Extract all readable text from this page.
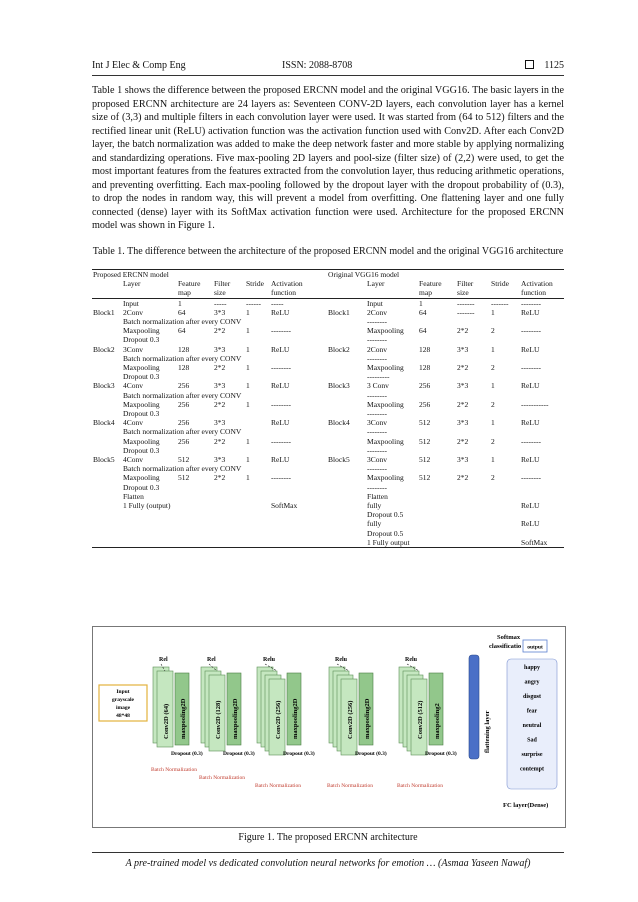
Int J Elec & Comp Eng	ISSN: 2088-8708	1125

Table 1 shows the difference between the proposed ERCNN model and the original VGG16. The basic layers in the proposed ERCNN architecture are 24 layers as: Seventeen CONV-2D layers, each convolution layer has a kernel size of (3,3) and multiple filters in each convolution layer were used. It was started from (64 to 512) filters and the rectified linear unit (ReLU) activation function was the activation function used with Conv2D. After each Conv2D layer, the batch normalization was added to make the deep network faster and more stable by applying normalizing and standardizing operations. Five max-pooling 2D layers and pool-size (filter size) of (2,2) were used, to get the most important features from the features extracted from the convolution layer, thus reducing arithmetic operations, and preventing overfitting. Each max-pooling followed by the dropout layer with the dropout probability of (0.3), to drop the nodes in random way, this will prevent a model from overfitting. One flattening layer and one fully connected (dense) layer with its SoftMax activation function were used. Architecture for the proposed ERCNN model was shown in Figure 1.

Table 1. The difference between the architecture of the proposed ERCNN model and the original VGG16 architecture

Proposed ERCNN model						Original VGG16 model					
	Layer	Feature	Filter	Stride	Activation		Layer	Feature	Filter	Stride	Activation
		map	size		function			map	size		function
	Input	1	-----	------	-----		Input	1	-------	-------	--------
Block1	2Conv	64	3*3	1	ReLU	Block1	2Conv	64	-------	1	ReLU
	Batch normalization after every CONV						--------				
	Maxpooling	64	2*2	1	--------		Maxpooling	64	2*2	2	--------
	Dropout 0.3						--------				
Block2	3Conv	128	3*3	1	ReLU	Block2	2Conv	128	3*3	1	ReLU
	Batch normalization after every CONV						--------				
	Maxpooling	128	2*2	1	--------		Maxpooling	128	2*2	2	--------
	Dropout 0.3						---------				
Block3	4Conv	256	3*3	1	ReLU	Block3	3 Conv	256	3*3	1	ReLU
	Batch normalization after every CONV						--------				
	Maxpooling	256	2*2	1	--------		Maxpooling	256	2*2	2	-----------
	Dropout 0.3						--------				
Block4	4Conv	256	3*3		ReLU	Block4	3Conv	512	3*3	1	ReLU
	Batch normalization after every CONV						--------				
	Maxpooling	256	2*2	1	--------		Maxpooling	512	2*2	2	--------
	Dropout 0.3						--------				
Block5	4Conv	512	3*3	1	ReLU	Block5	3Conv	512	3*3	1	ReLU
	Batch normalization after every CONV						--------				
	Maxpooling	512	2*2	1	--------		Maxpooling	512	2*2	2	--------
	Dropout 0.3						--------				
	Flatten						Flatten				
	1 Fully (output)				SoftMax		fully				ReLU
							Dropout 0.5				
							fully				ReLU
							Dropout 0.5				
							1 Fully output				SoftMax
Input
grayscale
image
48*48
Rel
Conv2D (64) maxpooling2D
Dropout (0.3)
Batch Normalization
Rel
Conv2D (128) maxpooling2D
Dropout (0.3)
Batch Normalization
Relu
Conv2D (256) maxpooling2D
Dropout (0.3)
Batch Normalization
Relu
Conv2D (256) maxpooling2D
Dropout (0.3)
Batch Normalization
Relu
Conv2D (512) maxpooling2
Dropout (0.3)
Batch Normalization
flattening layer
Softmax
classificatio output
happy
angry
disgust
fear
neutral
Sad
surprise
contempt
FC layer(Dense)

Figure 1. The proposed ERCNN architecture

A pre-trained model vs dedicated convolution neural networks for emotion … (Asmaa Yaseen Nawaf)
